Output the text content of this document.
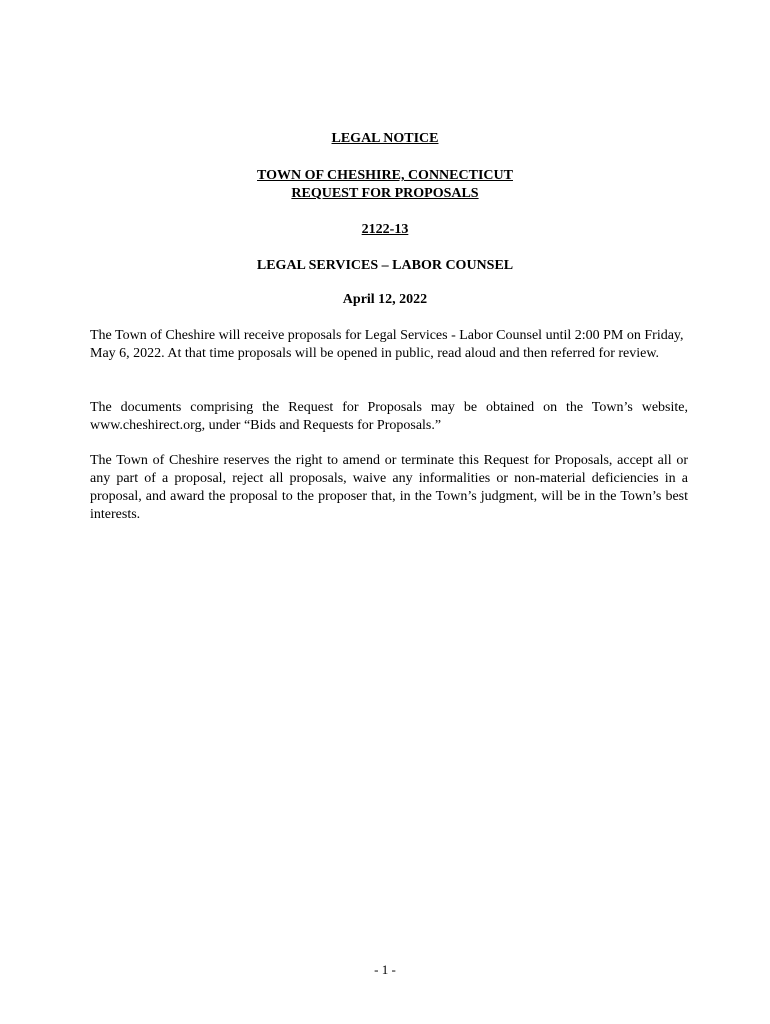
LEGAL NOTICE
TOWN OF CHESHIRE, CONNECTICUT
REQUEST FOR PROPOSALS
2122-13
LEGAL SERVICES – LABOR COUNSEL
April 12, 2022
The Town of Cheshire will receive proposals for Legal Services - Labor Counsel until 2:00 PM on Friday, May 6, 2022. At that time proposals will be opened in public, read aloud and then referred for review.
The documents comprising the Request for Proposals may be obtained on the Town’s website, www.cheshirect.org, under “Bids and Requests for Proposals.”
The Town of Cheshire reserves the right to amend or terminate this Request for Proposals, accept all or any part of a proposal, reject all proposals, waive any informalities or non-material deficiencies in a proposal, and award the proposal to the proposer that, in the Town’s judgment, will be in the Town’s best interests.
- 1 -
